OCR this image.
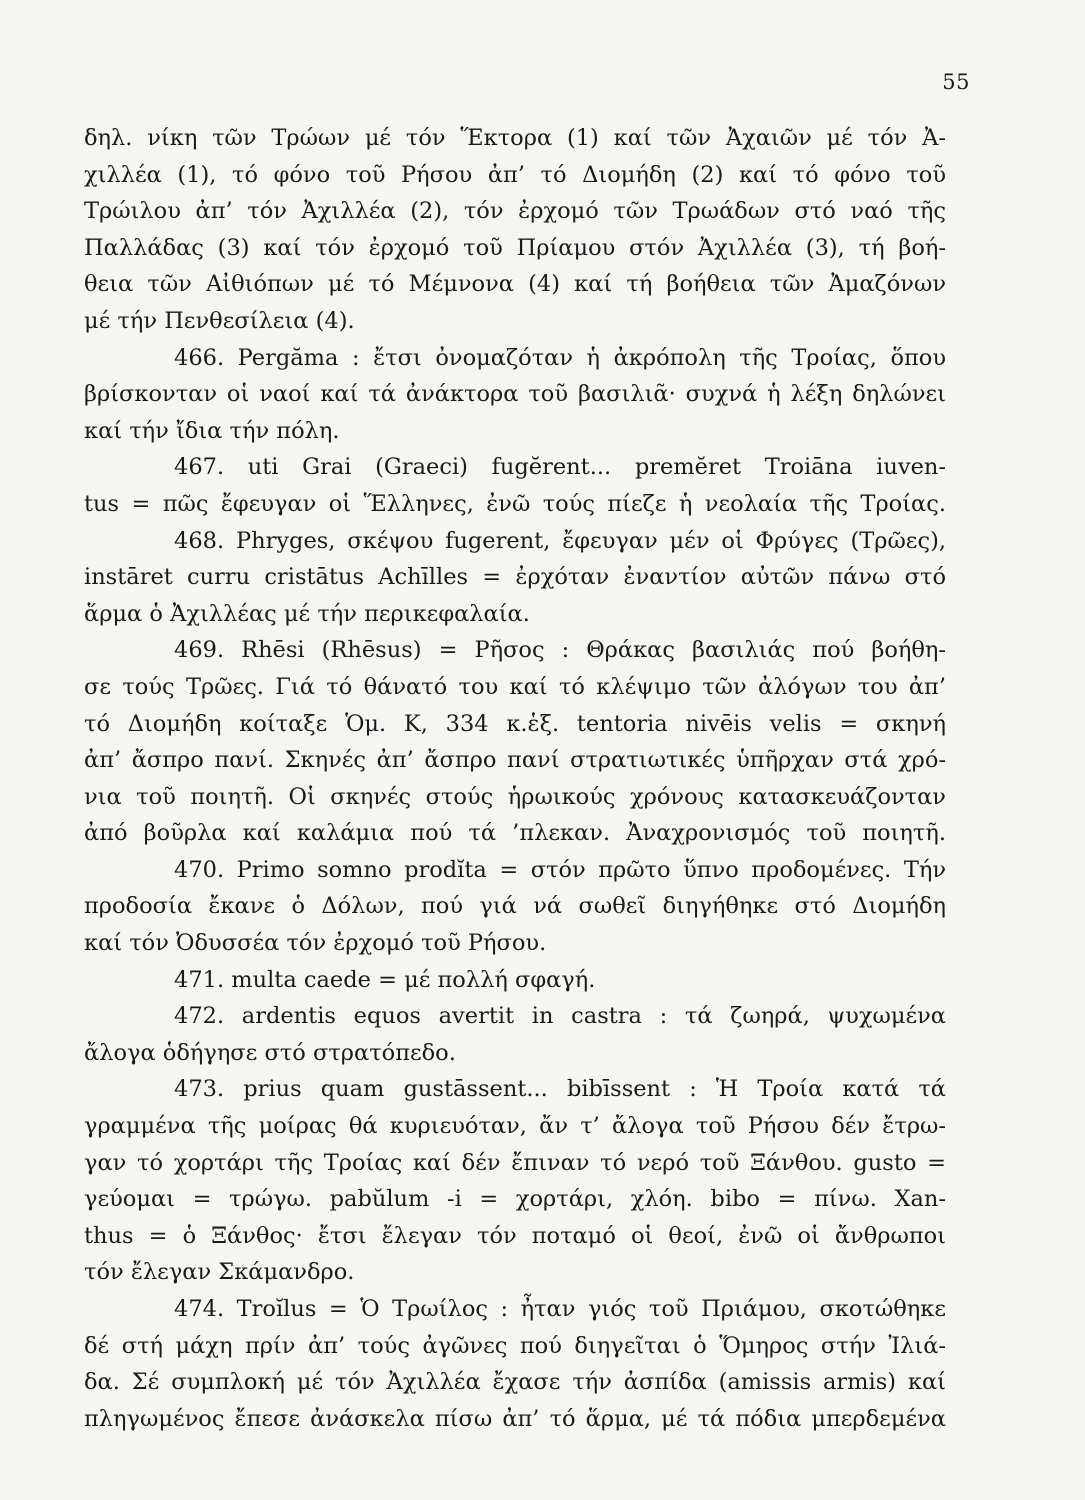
55
δηλ. νίκη τῶν Τρώων μέ τόν Ἕκτορα (1) καί τῶν Ἀχαιῶν μέ τόν Ἀ-
χιλλέα (1), τό φόνο τοῦ Ρήσου ἀπ’ τό Διομήδη (2) καί τό φόνο τοῦ
Τρώιλου ἀπ’ τόν Ἀχιλλέα (2), τόν ἐρχομό τῶν Τρωάδων στό ναό τῆς
Παλλάδας (3) καί τόν ἐρχομό τοῦ Πρίαμου στόν Ἀχιλλέα (3), τή βοή-
θεια τῶν Αἰθιόπων μέ τό Μέμνονα (4) καί τή βοήθεια τῶν Ἀμαζόνων
μέ τήν Πενθεσίλεια (4).
466. Pergăma : ἔτσι ὀνομαζόταν ἡ ἀκρόπολη τῆς Τροίας, ὅπου
βρίσκονταν οἱ ναοί καί τά ἀνάκτορα τοῦ βασιλιᾶ· συχνά ἡ λέξη δηλώνει
καί τήν ἴδια τήν πόλη.
467. uti Grai (Graeci) fugĕrent... premĕret Troiāna iuven-
tus = πῶς ἔφευγαν οἱ Ἕλληνες, ἐνῶ τούς πίεζε ἡ νεολαία τῆς Τροίας.
468. Phryges, σκέψου fugerent, ἔφευγαν μέν οἱ Φρύγες (Τρῶες),
instāret curru cristātus Achīlles = ἐρχόταν ἐναντίον αὐτῶν πάνω στό
ἅρμα ὁ Ἀχιλλέας μέ τήν περικεφαλαία.
469. Rhēsi (Rhēsus) = Ρῆσος : Θράκας βασιλιάς πού βοήθη-
σε τούς Τρῶες. Γιά τό θάνατό του καί τό κλέψιμο τῶν ἀλόγων του ἀπ’
τό Διομήδη κοίταξε Ὁμ. Κ, 334 κ.ἑξ. tentoria nivēis velis = σκηνή
ἀπ’ ἄσπρο πανί. Σκηνές ἀπ’ ἄσπρο πανί στρατιωτικές ὑπῆρχαν στά χρό-
νια τοῦ ποιητῆ. Οἱ σκηνές στούς ἡρωικούς χρόνους κατασκευάζονταν
ἀπό βοῦρλα καί καλάμια πού τά ’πλεκαν. Ἀναχρονισμός τοῦ ποιητῆ.
470. Primo somno prodĭta = στόν πρῶτο ὕπνο προδομένες. Τήν
προδοσία ἔκανε ὁ Δόλων, πού γιά νά σωθεῖ διηγήθηκε στό Διομήδη
καί τόν Ὀδυσσέα τόν ἐρχομό τοῦ Ρήσου.
471. multa caede = μέ πολλή σφαγή.
472. ardentis equos avertit in castra : τά ζωηρά, ψυχωμένα
ἄλογα ὁδήγησε στό στρατόπεδο.
473. prius quam gustāssent... bibīssent : Ἡ Τροία κατά τά
γραμμένα τῆς μοίρας θά κυριευόταν, ἄν τ’ ἄλογα τοῦ Ρήσου δέν ἔτρω-
γαν τό χορτάρι τῆς Τροίας καί δέν ἔπιναν τό νερό τοῦ Ξάνθου. gusto =
γεύομαι = τρώγω. pabŭlum -i = χορτάρι, χλόη. bibo = πίνω. Xan-
thus = ὁ Ξάνθος· ἔτσι ἔλεγαν τόν ποταμό οἱ θεοί, ἐνῶ οἱ ἄνθρωποι
τόν ἔλεγαν Σκάμανδρο.
474. Troĭlus = Ὁ Τρωίλος : ἦταν γιός τοῦ Πριάμου, σκοτώθηκε
δέ στή μάχη πρίν ἀπ’ τούς ἀγῶνες πού διηγεῖται ὁ Ὅμηρος στήν Ἰλιά-
δα. Σέ συμπλοκή μέ τόν Ἀχιλλέα ἔχασε τήν ἀσπίδα (amissis armis) καί
πληγωμένος ἔπεσε ἀνάσκελα πίσω ἀπ’ τό ἅρμα, μέ τά πόδια μπερδεμένα
